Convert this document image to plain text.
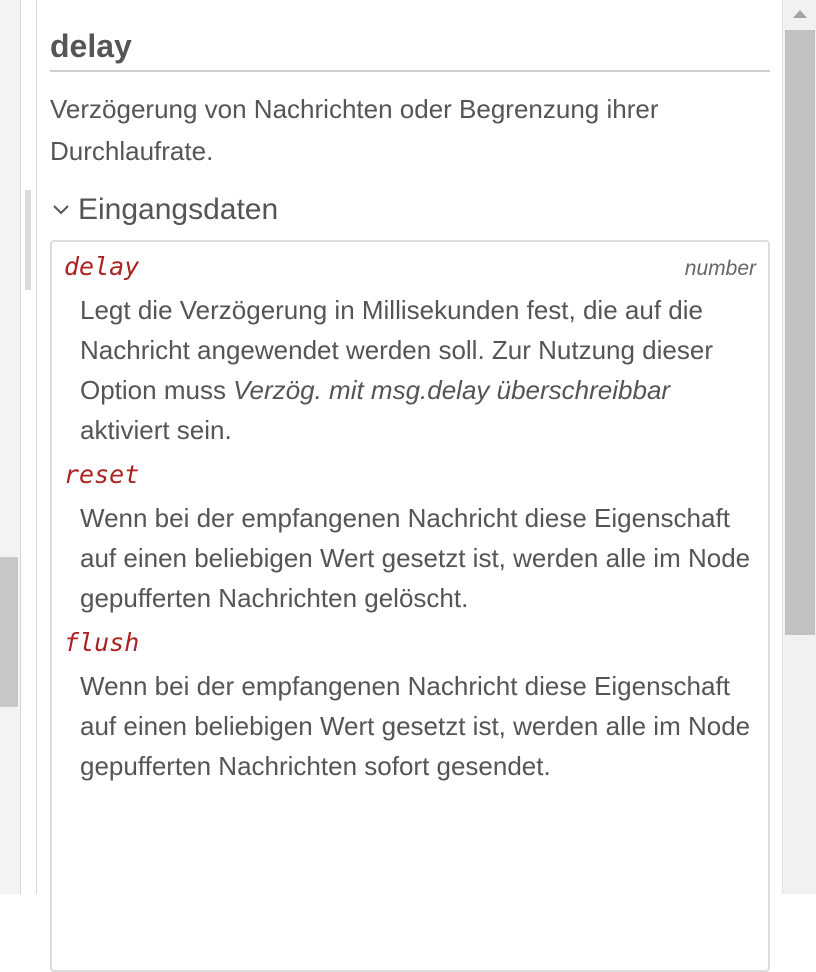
delay

Verzögerung von Nachrichten oder Begrenzung ihrer Durchlaufrate.

Eingangsdaten
delay	number
Legt die Verzögerung in Millisekunden fest, die auf die Nachricht angewendet werden soll. Zur Nutzung dieser Option muss Verzög. mit msg.delay überschreibbar aktiviert sein.
reset
Wenn bei der empfangenen Nachricht diese Eigenschaft auf einen beliebigen Wert gesetzt ist, werden alle im Node gepufferten Nachrichten gelöscht.
flush
Wenn bei der empfangenen Nachricht diese Eigenschaft auf einen beliebigen Wert gesetzt ist, werden alle im Node gepufferten Nachrichten sofort gesendet.
